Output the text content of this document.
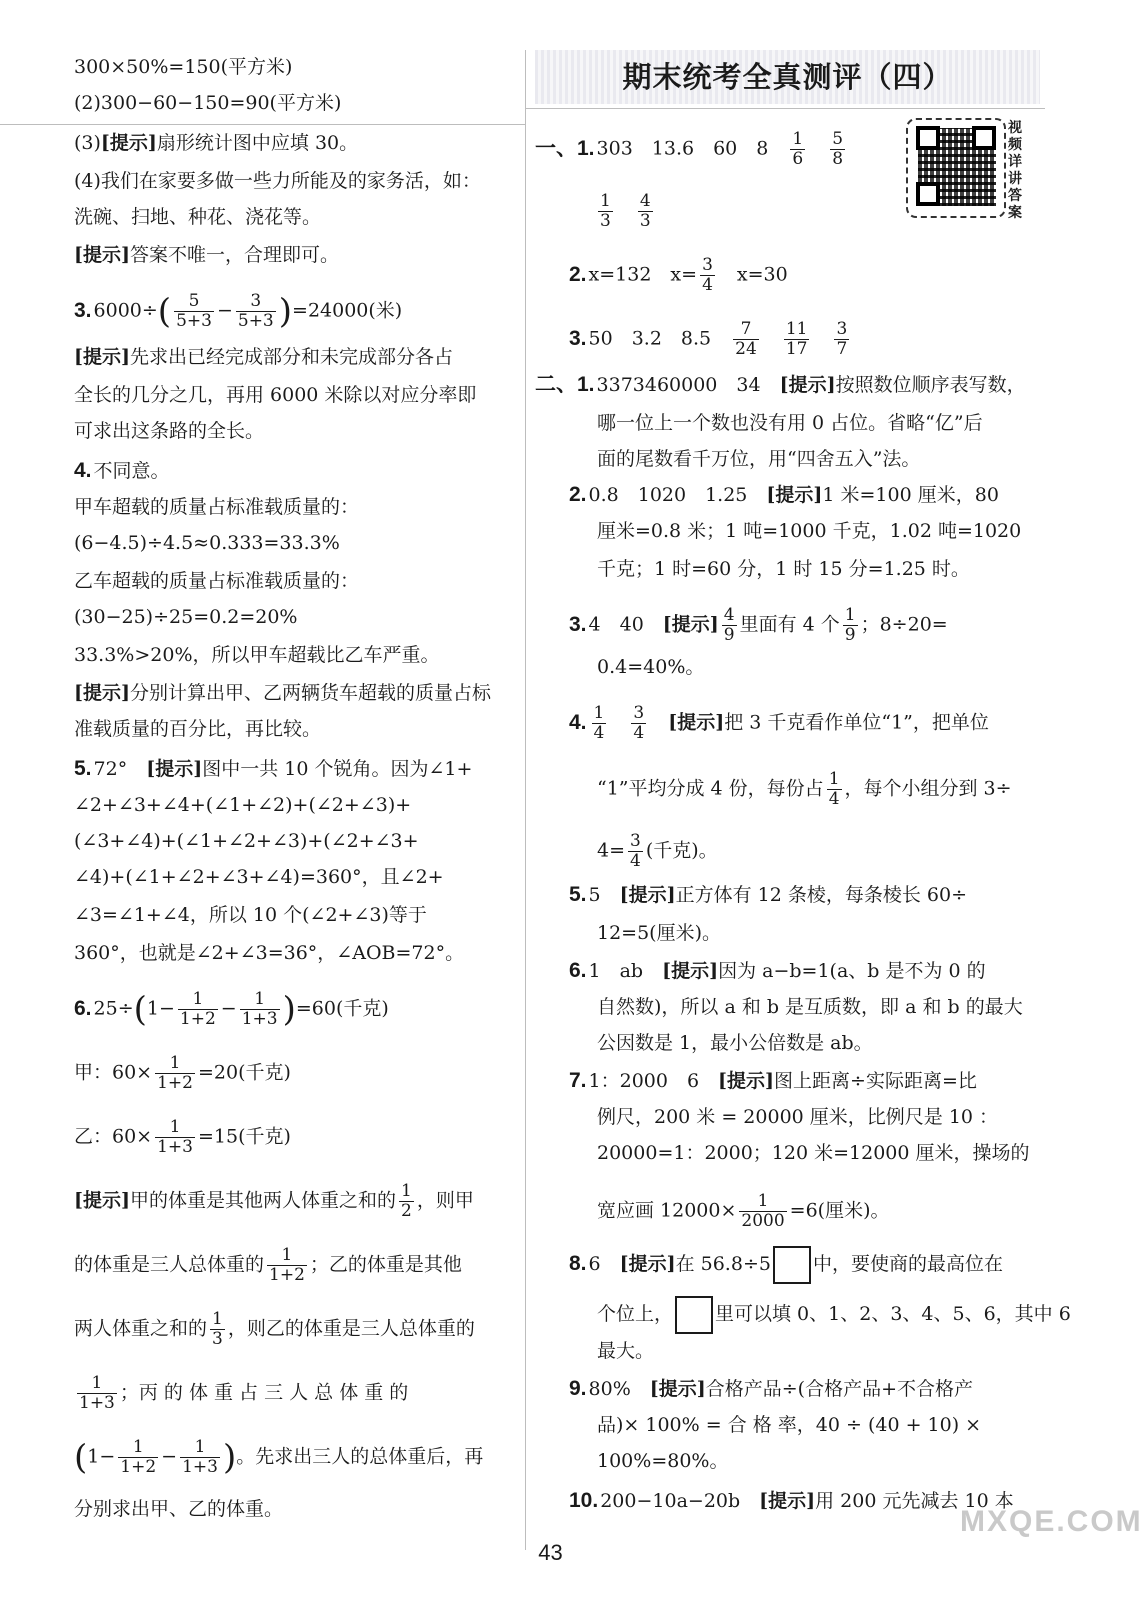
300×50%=150(平方米)
(2)300−60−150=90(平方米)
(3)[提示]扇形统计图中应填 30。
(4)我们在家要多做一些力所能及的家务活，如：
洗碗、扫地、种花、浇花等。
[提示]答案不唯一，合理即可。
3. $6000\div( \frac{5}{5+3} - \frac{3}{5+3} )=24000$(米)
[提示]先求出已经完成部分和未完成部分各占
全长的几分之几，再用 6000 米除以对应分率即
可求出这条路的全长。
4. 不同意。
甲车超载的质量占标准载质量的：
(6−4.5)÷4.5≈0.333=33.3%
乙车超载的质量占标准载质量的：
(30−25)÷25=0.2=20%
33.3%>20%，所以甲车超载比乙车严重。
[提示]分别计算出甲、乙两辆货车超载的质量占标
准载质量的百分比，再比较。
5. 72°　[提示]图中一共 10 个锐角。因为∠1+
∠2+∠3+∠4+(∠1+∠2)+(∠2+∠3)+
(∠3+∠4)+(∠1+∠2+∠3)+(∠2+∠3+
∠4)+(∠1+∠2+∠3+∠4)=360°，且∠2+
∠3=∠1+∠4，所以 10 个(∠2+∠3)等于
360°，也就是∠2+∠3=36°，∠AOB=72°。
6. $25\div(1- \frac{1}{1+2} - \frac{1}{1+3} )=60$(千克)
甲：$60\times \frac{1}{1+2} =20$(千克)
乙：$60\times \frac{1}{1+3} =15$(千克)
[提示]甲的体重是其他两人体重之和的 $\frac{1}{2}$ ，则甲
的体重是三人总体重的 $\frac{1}{1+2}$ ；乙的体重是其他
两人体重之和的 $\frac{1}{3}$ ，则乙的体重是三人总体重的
$\frac{1}{1+3}$ ；丙 的 体 重 占 三 人 总 体 重 的
($1- \frac{1}{1+2} - \frac{1}{1+3}$ )。先求出三人的总体重后，再
分别求出甲、乙的体重。
期末统考全真测评（四）
视频详讲答案
一、1. 303　13.6　60　8　 $\frac{1}{6}$
　 $\frac{5}{8}$
$\frac{1}{3}$
　 $\frac{4}{3}$
2. x=132　$x= \frac{3}{4}$ 　x=30
3. 50　3.2　8.5　 $\frac{7}{24}$
　 $\frac{11}{17}$
　 $\frac{3}{7}$
二、1. 3373460000　34　[提示]按照数位顺序表写数，
哪一位上一个数也没有用 0 占位。省略“亿”后
面的尾数看千万位，用“四舍五入”法。
2. 0.8　1020　1.25　[提示]1 米=100 厘米，80
厘米=0.8 米；1 吨=1000 千克，1.02 吨=1020
千克；1 时=60 分，1 时 15 分=1.25 时。
3. 4　40　[提示] $\frac{4}{9}$ 里面有 4 个 $\frac{1}{9}$ ；8÷20=
0.4=40%。
4. $\frac{1}{4}$
　 $\frac{3}{4}$
　 [提示]把 3 千克看作单位“1”，把单位
“1”平均分成 4 份，每份占 $\frac{1}{4}$ ，每个小组分到 3÷
$4= \frac{3}{4}$ (千克)。
5. 5　[提示]正方体有 12 条棱，每条棱长 60÷
12=5(厘米)。
6. 1　ab　[提示]因为 a−b=1(a、b 是不为 0 的
自然数)，所以 a 和 b 是互质数，即 a 和 b 的最大
公因数是 1，最小公倍数是 ab。
7. 1：2000　6　[提示]图上距离÷实际距离=比
例尺，200 米 = 20000 厘米，比例尺是 10 ：
20000=1：2000；120 米=12000 厘米，操场的
宽应画 $12000\times \frac{1}{2000} =6$(厘米)。
8. 6　[提示]在 56.8÷5 中，要使商的最高位在
个位上， 里可以填 0、1、2、3、4、5、6，其中 6
最大。
9. 80%　[提示]合格产品÷(合格产品+不合格产
品)× 100% = 合 格 率，40 ÷ (40 + 10) ×
100%=80%。
10. 200−10a−20b　[提示]用 200 元先减去 10 本
MXQE.COM
43
